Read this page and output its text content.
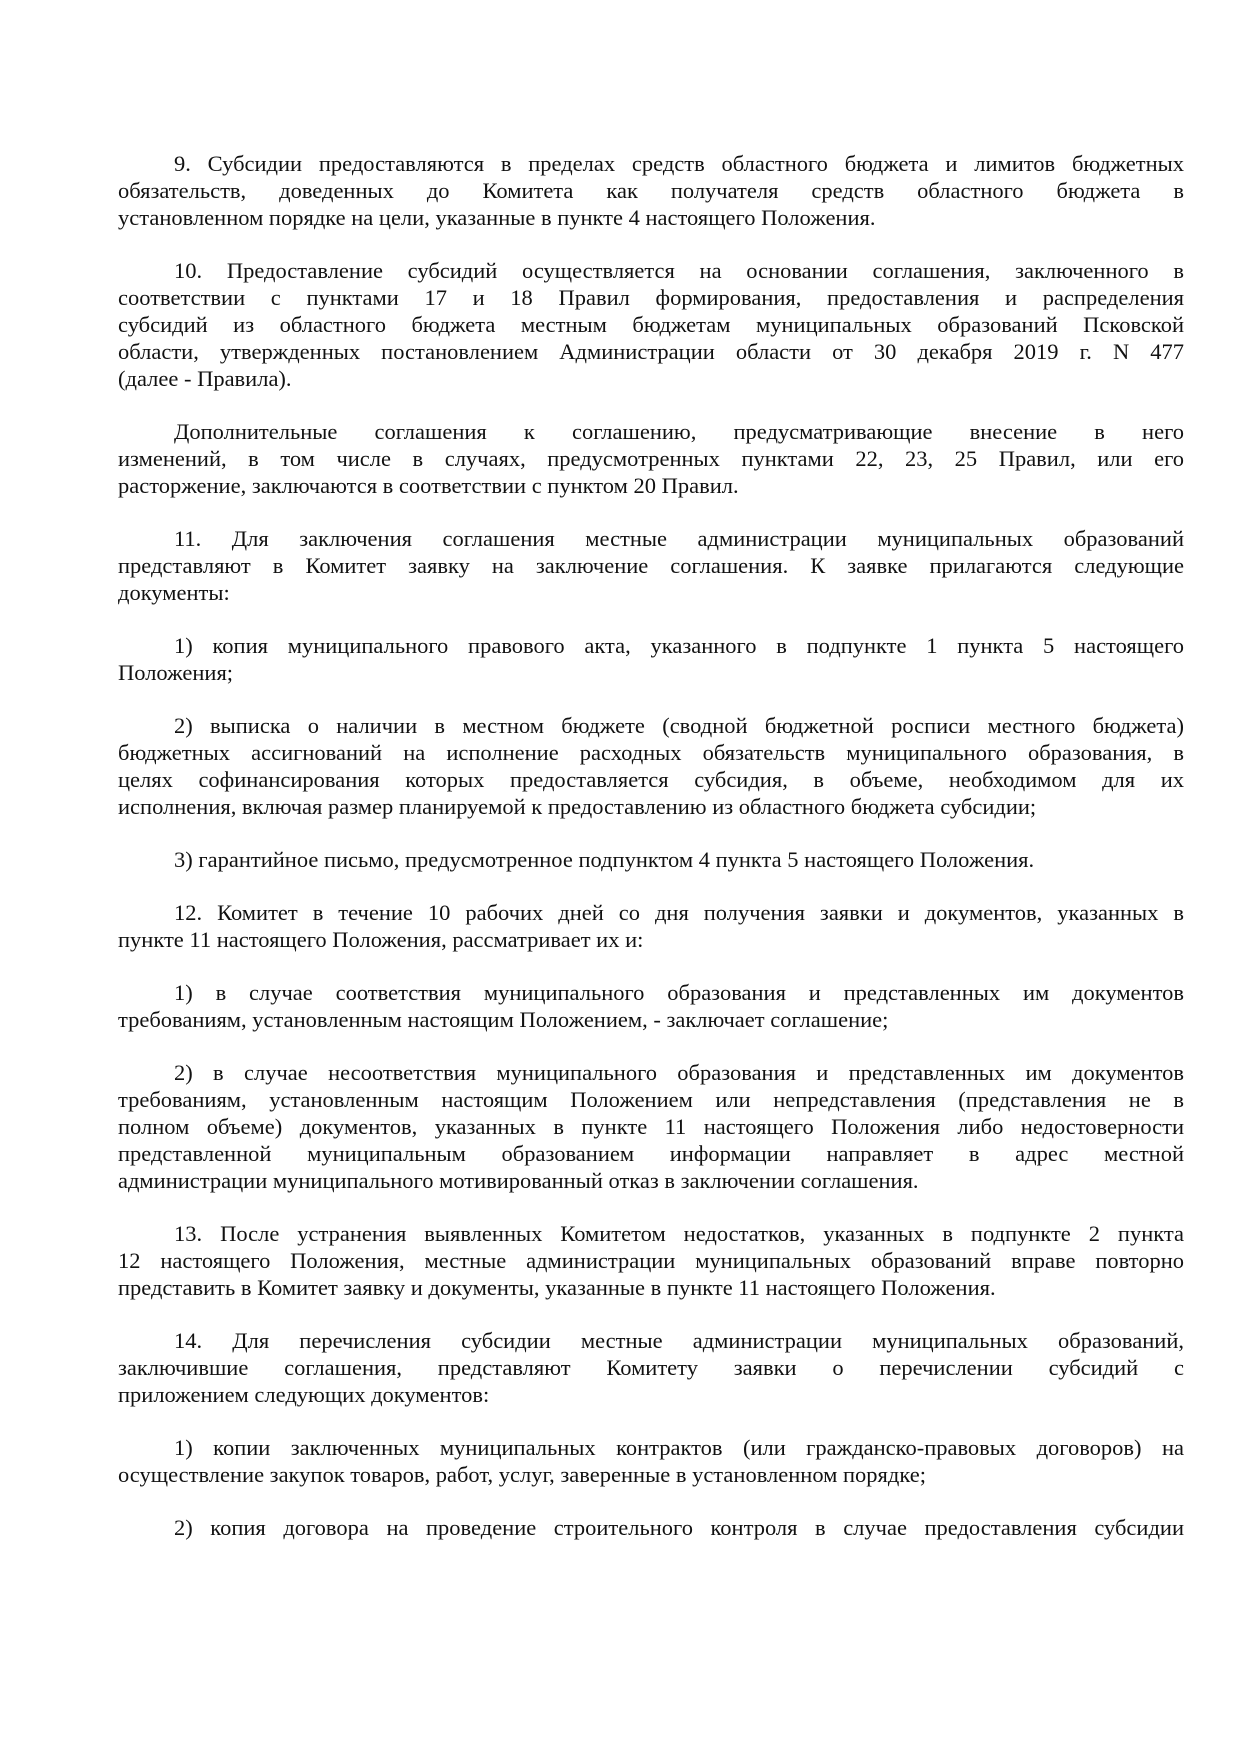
9. Субсидии предоставляются в пределах средств областного бюджета и лимитов бюджетных
обязательств, доведенных до Комитета как получателя средств областного бюджета в
установленном порядке на цели, указанные в пункте 4 настоящего Положения.
10. Предоставление субсидий осуществляется на основании соглашения, заключенного в
соответствии с пунктами 17 и 18 Правил формирования, предоставления и распределения
субсидий из областного бюджета местным бюджетам муниципальных образований Псковской
области, утвержденных постановлением Администрации области от 30 декабря 2019 г. N 477
(далее - Правила).
Дополнительные соглашения к соглашению, предусматривающие внесение в него
изменений, в том числе в случаях, предусмотренных пунктами 22, 23, 25 Правил, или его
расторжение, заключаются в соответствии с пунктом 20 Правил.
11. Для заключения соглашения местные администрации муниципальных образований
представляют в Комитет заявку на заключение соглашения. К заявке прилагаются следующие
документы:
1) копия муниципального правового акта, указанного в подпункте 1 пункта 5 настоящего
Положения;
2) выписка о наличии в местном бюджете (сводной бюджетной росписи местного бюджета)
бюджетных ассигнований на исполнение расходных обязательств муниципального образования, в
целях софинансирования которых предоставляется субсидия, в объеме, необходимом для их
исполнения, включая размер планируемой к предоставлению из областного бюджета субсидии;
3) гарантийное письмо, предусмотренное подпунктом 4 пункта 5 настоящего Положения.
12. Комитет в течение 10 рабочих дней со дня получения заявки и документов, указанных в
пункте 11 настоящего Положения, рассматривает их и:
1) в случае соответствия муниципального образования и представленных им документов
требованиям, установленным настоящим Положением, - заключает соглашение;
2) в случае несоответствия муниципального образования и представленных им документов
требованиям, установленным настоящим Положением или непредставления (представления не в
полном объеме) документов, указанных в пункте 11 настоящего Положения либо недостоверности
представленной муниципальным образованием информации направляет в адрес местной
администрации муниципального мотивированный отказ в заключении соглашения.
13. После устранения выявленных Комитетом недостатков, указанных в подпункте 2 пункта
12 настоящего Положения, местные администрации муниципальных образований вправе повторно
представить в Комитет заявку и документы, указанные в пункте 11 настоящего Положения.
14. Для перечисления субсидии местные администрации муниципальных образований,
заключившие соглашения, представляют Комитету заявки о перечислении субсидий с
приложением следующих документов:
1) копии заключенных муниципальных контрактов (или гражданско-правовых договоров) на
осуществление закупок товаров, работ, услуг, заверенные в установленном порядке;
2) копия договора на проведение строительного контроля в случае предоставления субсидии
